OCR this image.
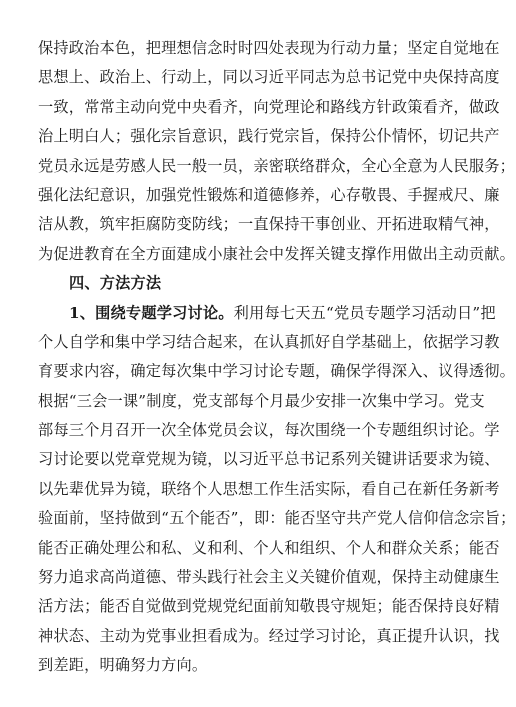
保持政治本色，把理想信念时时四处表现为行动力量；坚定自觉地在
思想上、政治上、行动上，同以习近平同志为总书记党中央保持高度
一致，常常主动向党中央看齐，向党理论和路线方针政策看齐，做政
治上明白人；强化宗旨意识，践行党宗旨，保持公仆情怀，切记共产
党员永远是劳感人民一般一员，亲密联络群众，全心全意为人民服务；
强化法纪意识，加强党性锻炼和道德修养，心存敬畏、手握戒尺、廉
洁从教，筑牢拒腐防变防线；一直保持干事创业、开拓进取精气神，
为促进教育在全方面建成小康社会中发挥关键支撑作用做出主动贡献。
四、方法方法
1、围绕专题学习讨论。利用每七天五“党员专题学习活动日”把
个人自学和集中学习结合起来，在认真抓好自学基础上，依据学习教
育要求内容，确定每次集中学习讨论专题，确保学得深入、议得透彻。
根据“三会一课”制度，党支部每个月最少安排一次集中学习。党支
部每三个月召开一次全体党员会议，每次围绕一个专题组织讨论。学
习讨论要以党章党规为镜，以习近平总书记系列关键讲话要求为镜、
以先辈优异为镜，联络个人思想工作生活实际，看自己在新任务新考
验面前，坚持做到“五个能否”，即：能否坚守共产党人信仰信念宗旨；
能否正确处理公和私、义和利、个人和组织、个人和群众关系；能否
努力追求高尚道德、带头践行社会主义关键价值观，保持主动健康生
活方法；能否自觉做到党规党纪面前知敬畏守规矩；能否保持良好精
神状态、主动为党事业担看成为。经过学习讨论，真正提升认识，找
到差距，明确努力方向。
